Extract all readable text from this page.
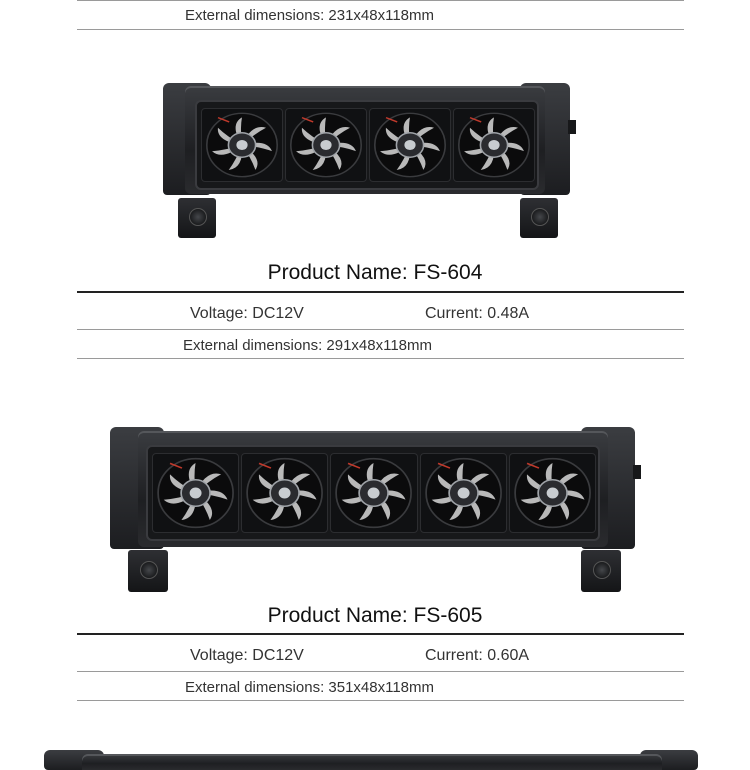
External dimensions: 231x48x118mm
Product Name: FS-604
Voltage: DC12V	Current: 0.48A
External dimensions: 291x48x118mm
Product Name: FS-605
Voltage: DC12V	Current: 0.60A
External dimensions: 351x48x118mm
